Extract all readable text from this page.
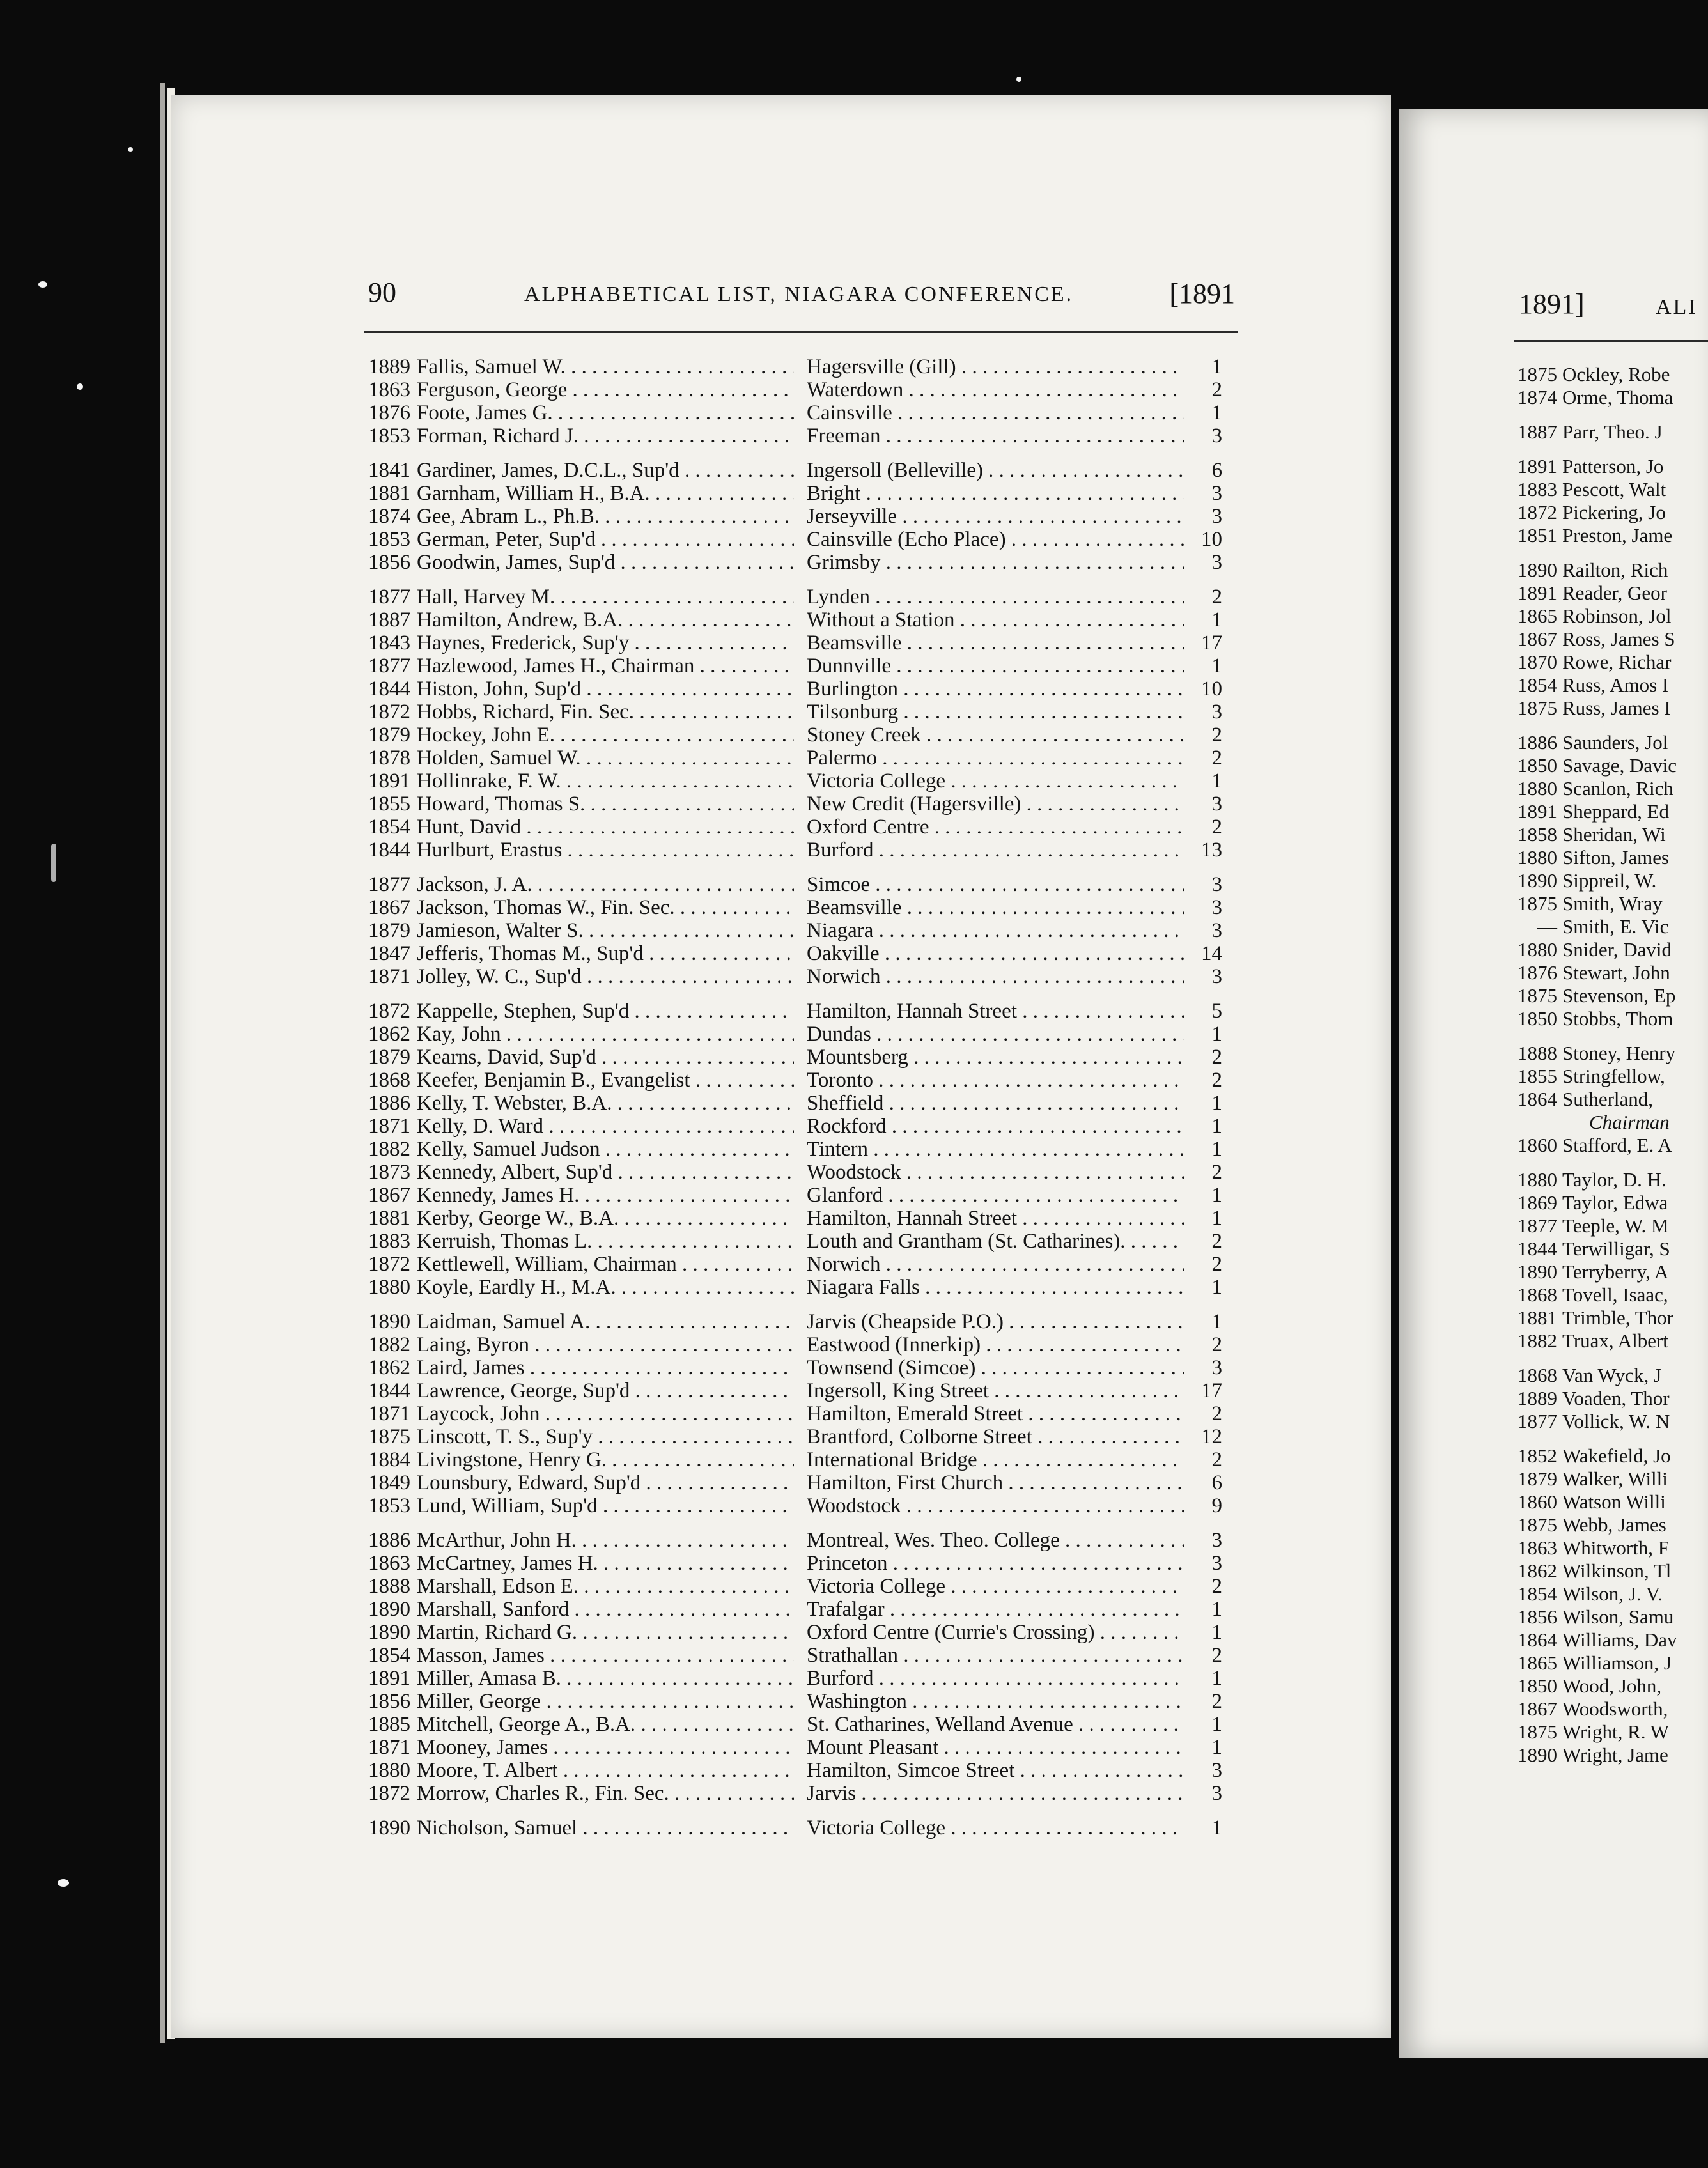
90	ALPHABETICAL LIST, NIAGARA CONFERENCE.	[1891
1889 Fallis, Samuel W. . . .	Hagersville (Gill) . . .	1
1863 Ferguson, George . . .	Waterdown . . .	2
1876 Foote, James G. . . .	Cainsville . . .	1
1853 Forman, Richard J. . . .	Freeman . . .	3
1841 Gardiner, James, D.C.L., Sup'd . . .	Ingersoll (Belleville) . . .	6
1881 Garnham, William H., B.A. . . .	Bright . . .	3
1874 Gee, Abram L., Ph.B. . . .	Jerseyville . . .	3
1853 German, Peter, Sup'd . . .	Cainsville (Echo Place) . . .	10
1856 Goodwin, James, Sup'd . . .	Grimsby . . .	3
1877 Hall, Harvey M. . . .	Lynden . . .	2
1887 Hamilton, Andrew, B.A. . . .	Without a Station . . .	1
1843 Haynes, Frederick, Sup'y . . .	Beamsville . . .	17
1877 Hazlewood, James H., Chairman . . .	Dunnville . . .	1
1844 Histon, John, Sup'd . . .	Burlington . . .	10
1872 Hobbs, Richard, Fin. Sec. . . .	Tilsonburg . . .	3
1879 Hockey, John E. . . .	Stoney Creek . . .	2
1878 Holden, Samuel W. . . .	Palermo . . .	2
1891 Hollinrake, F. W. . . .	Victoria College . . .	1
1855 Howard, Thomas S. . . .	New Credit (Hagersville) . . .	3
1854 Hunt, David . . .	Oxford Centre . . .	2
1844 Hurlburt, Erastus . . .	Burford . . .	13
1877 Jackson, J. A. . . .	Simcoe . . .	3
1867 Jackson, Thomas W., Fin. Sec. . . .	Beamsville . . .	3
1879 Jamieson, Walter S. . . .	Niagara . . .	3
1847 Jefferis, Thomas M., Sup'd . . .	Oakville . . .	14
1871 Jolley, W. C., Sup'd . . .	Norwich . . .	3
1872 Kappelle, Stephen, Sup'd . . .	Hamilton, Hannah Street . . .	5
1862 Kay, John . . .	Dundas . . .	1
1879 Kearns, David, Sup'd . . .	Mountsberg . . .	2
1868 Keefer, Benjamin B., Evangelist . . .	Toronto . . .	2
1886 Kelly, T. Webster, B.A. . . .	Sheffield . . .	1
1871 Kelly, D. Ward . . .	Rockford . . .	1
1882 Kelly, Samuel Judson . . .	Tintern . . .	1
1873 Kennedy, Albert, Sup'd . . .	Woodstock . . .	2
1867 Kennedy, James H. . . .	Glanford . . .	1
1881 Kerby, George W., B.A. . . .	Hamilton, Hannah Street . . .	1
1883 Kerruish, Thomas L. . . .	Louth and Grantham (St. Catharines). . . .	2
1872 Kettlewell, William, Chairman . . .	Norwich . . .	2
1880 Koyle, Eardly H., M.A. . . .	Niagara Falls . . .	1
1890 Laidman, Samuel A. . . .	Jarvis (Cheapside P.O.) . . .	1
1882 Laing, Byron . . .	Eastwood (Innerkip) . . .	2
1862 Laird, James . . .	Townsend (Simcoe) . . .	3
1844 Lawrence, George, Sup'd . . .	Ingersoll, King Street . . .	17
1871 Laycock, John . . .	Hamilton, Emerald Street . . .	2
1875 Linscott, T. S., Sup'y . . .	Brantford, Colborne Street . . .	12
1884 Livingstone, Henry G. . . .	International Bridge . . .	2
1849 Lounsbury, Edward, Sup'd . . .	Hamilton, First Church . . .	6
1853 Lund, William, Sup'd . . .	Woodstock . . .	9
1886 McArthur, John H. . . .	Montreal, Wes. Theo. College . . .	3
1863 McCartney, James H. . . .	Princeton . . .	3
1888 Marshall, Edson E. . . .	Victoria College . . .	2
1890 Marshall, Sanford . . .	Trafalgar . . .	1
1890 Martin, Richard G. . . .	Oxford Centre (Currie's Crossing) . . .	1
1854 Masson, James . . .	Strathallan . . .	2
1891 Miller, Amasa B. . . .	Burford . . .	1
1856 Miller, George . . .	Washington . . .	2
1885 Mitchell, George A., B.A. . . .	St. Catharines, Welland Avenue . . .	1
1871 Mooney, James . . .	Mount Pleasant . . .	1
1880 Moore, T. Albert . . .	Hamilton, Simcoe Street . . .	3
1872 Morrow, Charles R., Fin. Sec. . . .	Jarvis . . .	3
1890 Nicholson, Samuel . . .	Victoria College . . .	1
1891]	ALI
1875 Ockley, Robe
1874 Orme, Thoma
1887 Parr, Theo. J
1891 Patterson, Jo
1883 Pescott, Walt
1872 Pickering, Jo
1851 Preston, Jame
1890 Railton, Rich
1891 Reader, Geor
1865 Robinson, Jol
1867 Ross, James S
1870 Rowe, Richar
1854 Russ, Amos I
1875 Russ, James I
1886 Saunders, Jol
1850 Savage, Davic
1880 Scanlon, Rich
1891 Sheppard, Ed
1858 Sheridan, Wi
1880 Sifton, James
1890 Sippreil, W.
1875 Smith, Wray
— Smith, E. Vic
1880 Snider, David
1876 Stewart, John
1875 Stevenson, Ep
1850 Stobbs, Thom
1888 Stoney, Henry
1855 Stringfellow,
1864 Sutherland,
Chairman
1860 Stafford, E. A
1880 Taylor, D. H.
1869 Taylor, Edwa
1877 Teeple, W. M
1844 Terwilligar, S
1890 Terryberry, A
1868 Tovell, Isaac,
1881 Trimble, Thor
1882 Truax, Albert
1868 Van Wyck, J
1889 Voaden, Thor
1877 Vollick, W. N
1852 Wakefield, Jo
1879 Walker, Willi
1860 Watson Willi
1875 Webb, James
1863 Whitworth, F
1862 Wilkinson, Tl
1854 Wilson, J. V.
1856 Wilson, Samu
1864 Williams, Dav
1865 Williamson, J
1850 Wood, John,
1867 Woodsworth,
1875 Wright, R. W
1890 Wright, Jame
